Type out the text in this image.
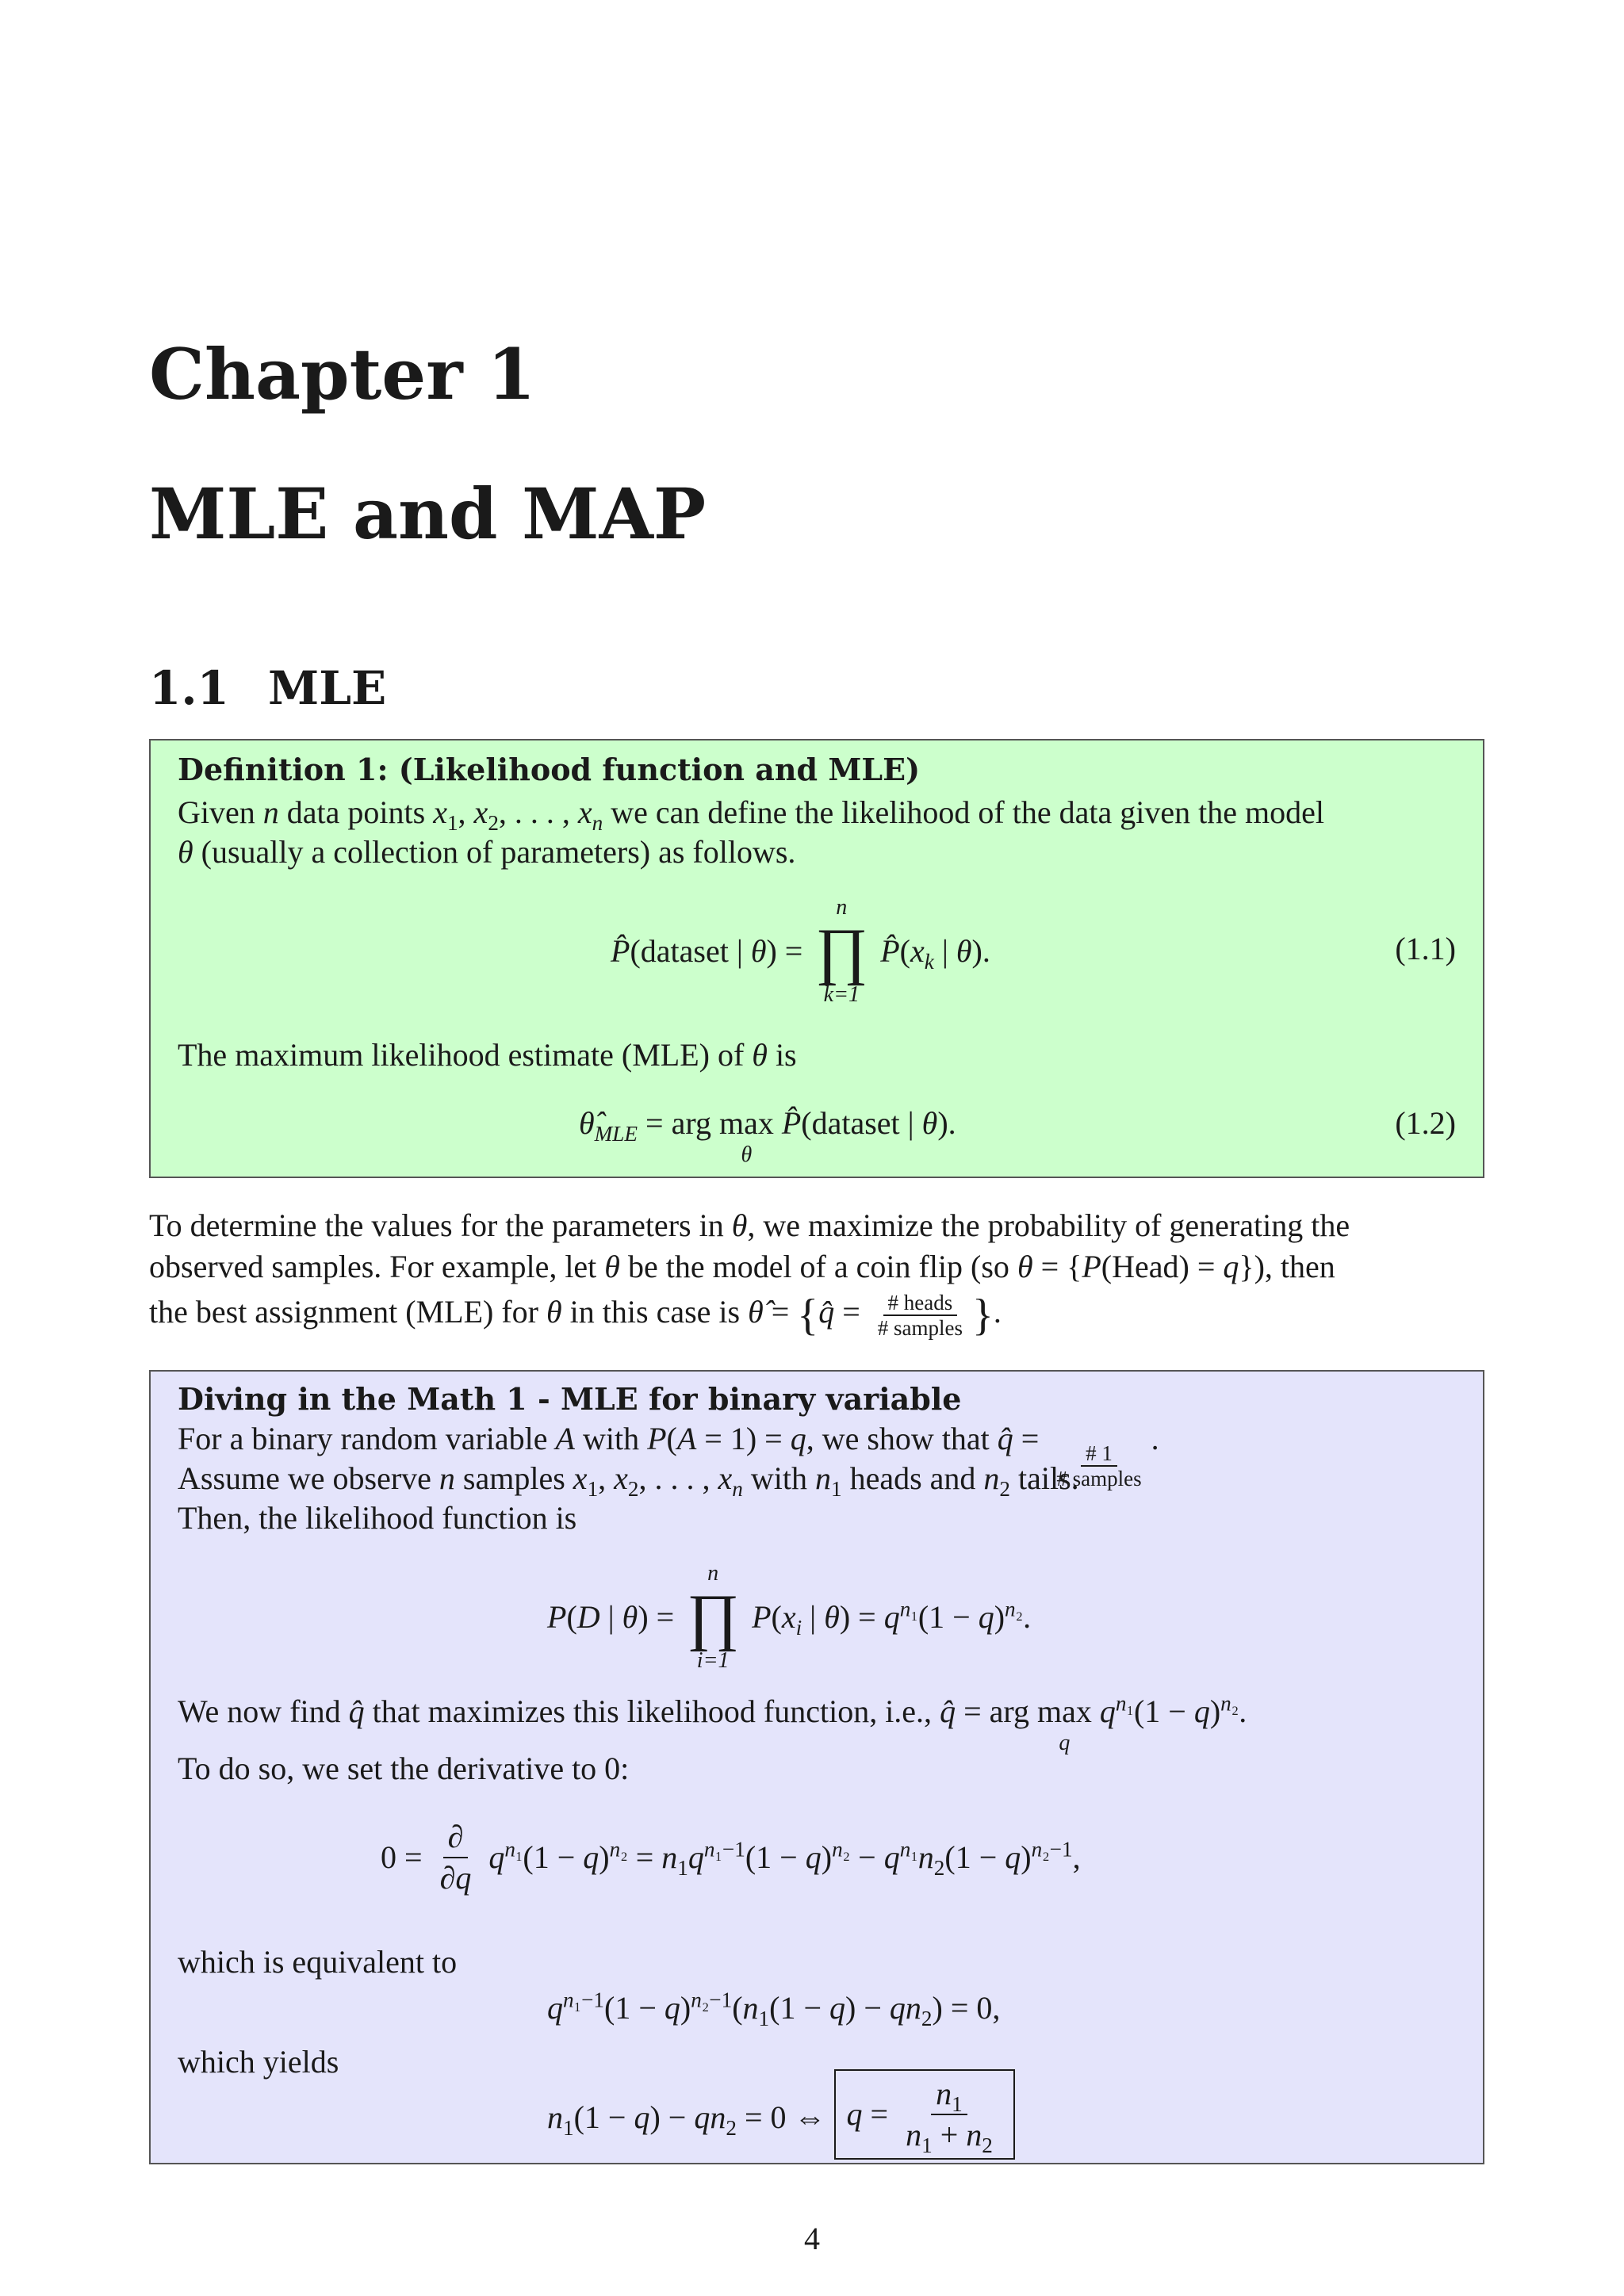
Chapter 1
MLE and MAP
1.1 MLE
Definition 1: (Likelihood function and MLE)
Given n data points $x_1$, $x_2$, . . . , $x_n$ we can define the likelihood of the data given the model
θ (usually a collection of parameters) as follows.
P̂(dataset | θ) =
n
∏
k=1
$P̂(x_k$ | θ).	(1.1)
The maximum likelihood estimate (MLE) of θ is
$\thetâ_{MLE}$ = arg max
θ
P̂(dataset | θ).	(1.2)
To determine the values for the parameters in θ, we maximize the probability of generating the
observed samples. For example, let θ be the model of a coin flip (so θ = {P(Head) = q}), then
the best assignment (MLE) for θ in this case is θ̂ = {q̂ = $\frac{\text{\# heads}}{\text{\# samples}}$ }.
Diving in the Math 1 - MLE for binary variable
For a binary random variable A with P(A = 1) = q, we show that q̂ =
$\frac{\# 1}{\text{\# samples}}$
.
Assume we observe n samples $x_1$, $x_2$, . . . , $x_n$ with $n_1$ heads and $n_2$ tails.
Then, the likelihood function is
P(D | θ) =
n
∏
i=1
$P(x_i$ | $\theta) = q^{n_1}(1 - q)^{n_2}$.
We now find q̂ that maximizes this likelihood function, i.e., q̂ = arg max
q
$q^{n_1}(1 - q)^{n_2}$.
To do so, we set the derivative to 0:
$0 = \frac{\partial}{\partial q} q^{n_1}(1 - q)^{n_2} = n_1q^{n_1-1}(1 - q)^{n_2} - q^{n_1}n_2(1 - q)^{n_2-1}$,
which is equivalent to
$q^{n_1-1}(1 - q)^{n_2-1}(n_1(1 - q) - qn_2) = 0$,
which yields
$n_1(1 - q) - qn_2 = 0$ ⇔ $q = \frac{n_1}{n_1 + n_2}$
4
